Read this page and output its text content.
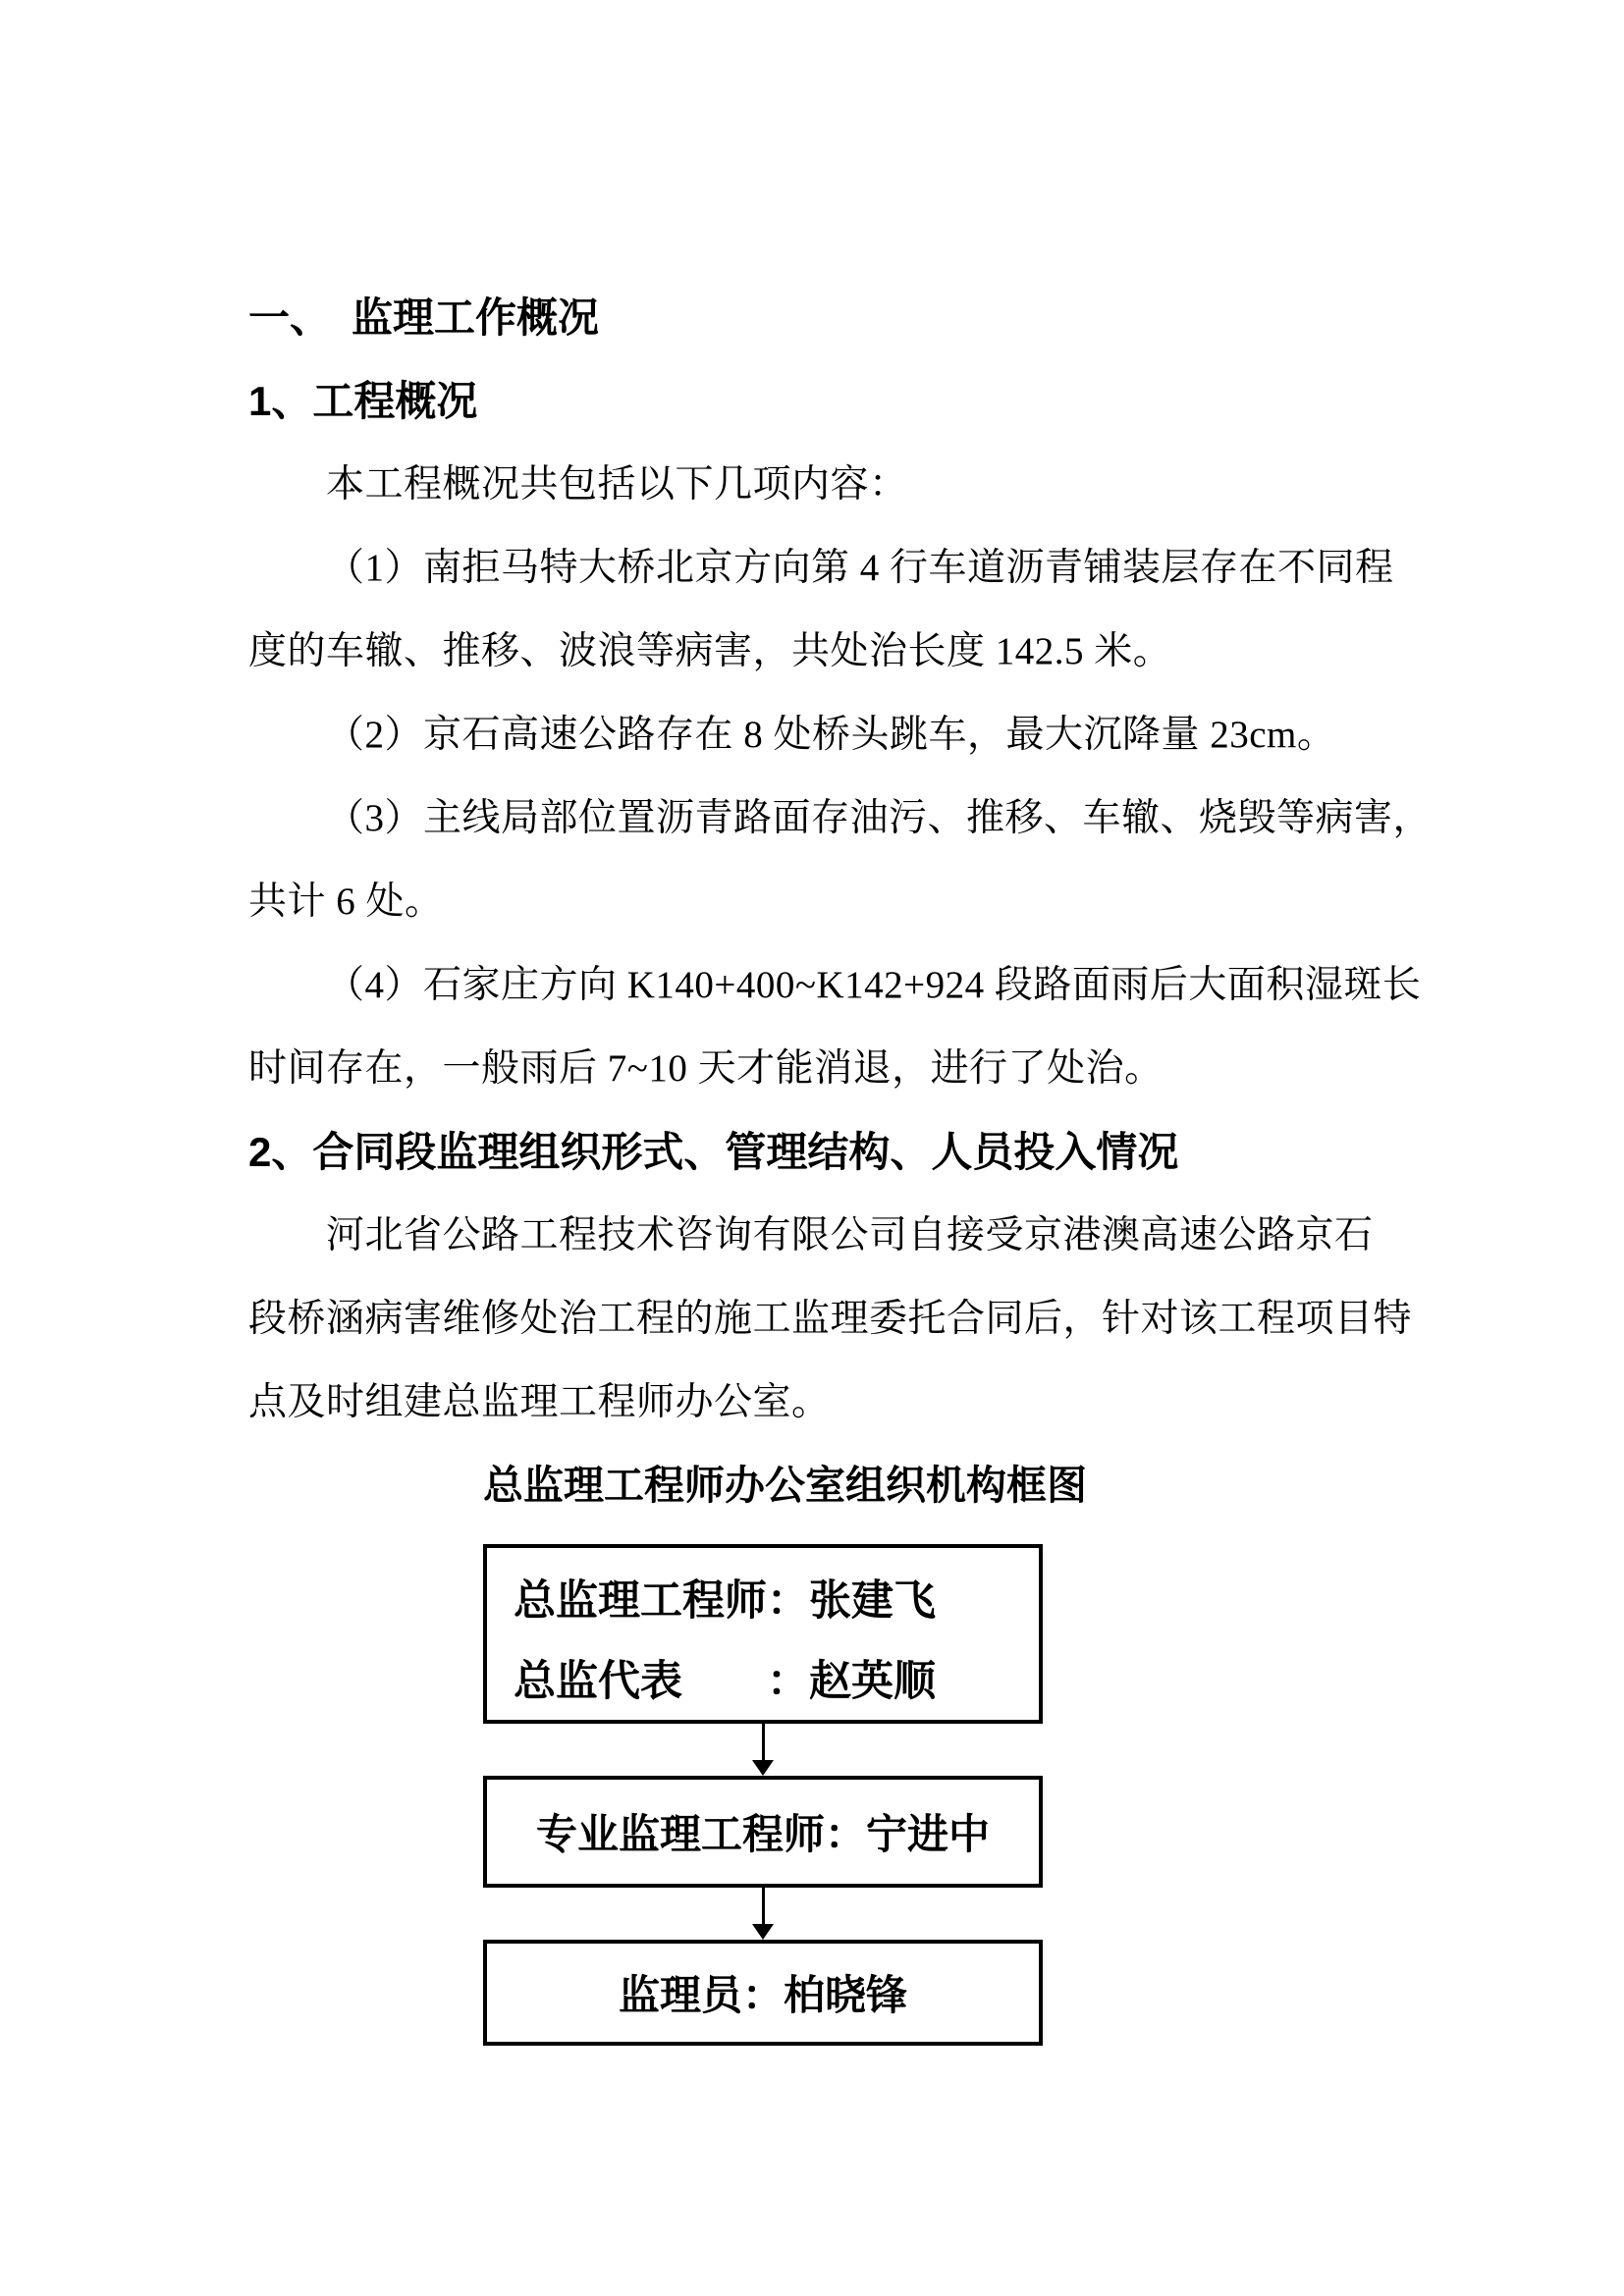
一、　监理工作概况
1、工程概况
本工程概况共包括以下几项内容：
（1）南拒马特大桥北京方向第 4 行车道沥青铺装层存在不同程
度的车辙、推移、波浪等病害，共处治长度 142.5 米。
（2）京石高速公路存在 8 处桥头跳车，最大沉降量 23cm。
（3）主线局部位置沥青路面存油污、推移、车辙、烧毁等病害，
共计 6 处。
（4）石家庄方向 K140+400~K142+924 段路面雨后大面积湿斑长
时间存在，一般雨后 7~10 天才能消退，进行了处治。
2、合同段监理组织形式、管理结构、人员投入情况
河北省公路工程技术咨询有限公司自接受京港澳高速公路京石
段桥涵病害维修处治工程的施工监理委托合同后，针对该工程项目特
点及时组建总监理工程师办公室。
总监理工程师办公室组织机构框图
总监理工程师：张建飞
总监代表　　：赵英顺
专业监理工程师：宁进中
监理员：柏晓锋
